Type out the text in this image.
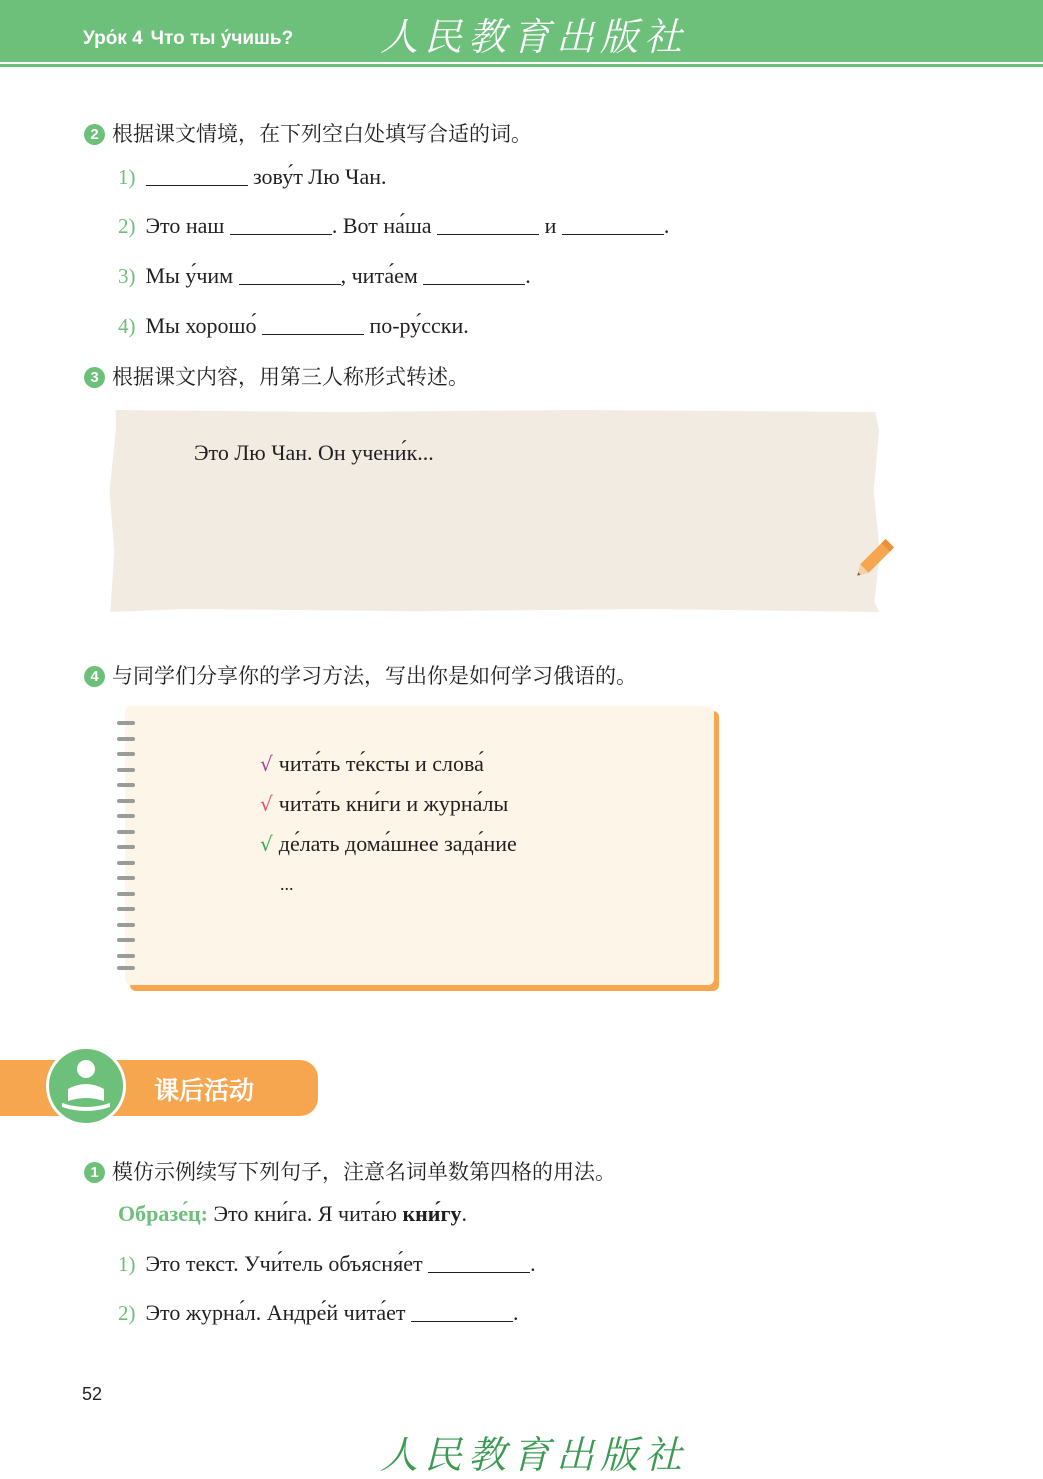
Уро́к 4 Что ты у́чишь? 人民教育出版社
2 根据课文情境，在下列空白处填写合适的词。
1)	зову́т Лю Чан.
2) Это наш	. Вот на́ша	и	.
3) Мы у́чим	, чита́ем	.
4) Мы хорошо́	по-ру́сски.
3 根据课文内容，用第三人称形式转述。
Это Лю Чан. Он учени́к...
4 与同学们分享你的学习方法，写出你是如何学习俄语的。
√ чита́ть те́ксты и слова́
√ чита́ть кни́ги и журна́лы
√ де́лать дома́шнее зада́ние
...
课后活动
1 模仿示例续写下列句子，注意名词单数第四格的用法。
Образе́ц: Это кни́га. Я чита́ю кни́гу.
1) Это текст. Учи́тель объясня́ет	.
2) Это журна́л. Андре́й чита́ет	.
52
人民教育出版社
